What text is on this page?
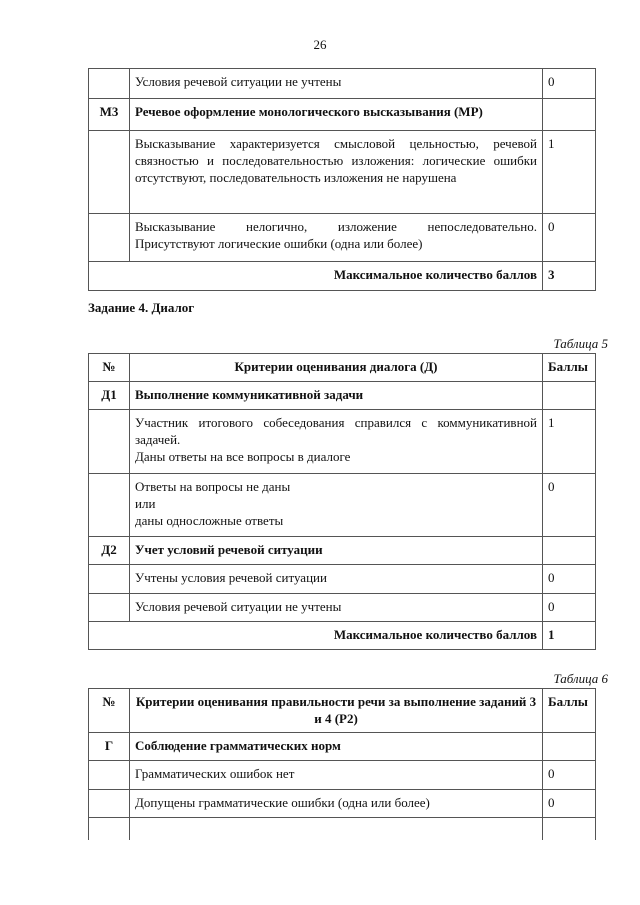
26
	Условия речевой ситуации не учтены	0
М3	Речевое оформление монологического высказывания (МР)	
	Высказывание характеризуется смысловой цельностью, речевой связностью и последовательностью изложения: логические ошибки отсутствуют, последовательность изложения не нарушена	1
	Высказывание нелогично, изложение непоследовательно. Присутствуют логические ошибки (одна или более)	0
Максимальное количество баллов		3
Задание 4. Диалог
Таблица 5
№	Критерии оценивания диалога (Д)	Баллы
Д1	Выполнение коммуникативной задачи	

	Участник итогового собеседования справился с коммуникативной задачей.
Даны ответы на все вопросы в диалоге	1

	Ответы на вопросы не даны
или
даны односложные ответы	0
Д2	Учет условий речевой ситуации	
	Учтены условия речевой ситуации	0
	Условия речевой ситуации не учтены	0
Максимальное количество баллов		1
Таблица 6
№	Критерии оценивания правильности речи за выполнение заданий 3 и 4 (Р2)	Баллы
Г	Соблюдение грамматических норм	
	Грамматических ошибок нет	0
	Допущены грамматические ошибки (одна или более)	0
